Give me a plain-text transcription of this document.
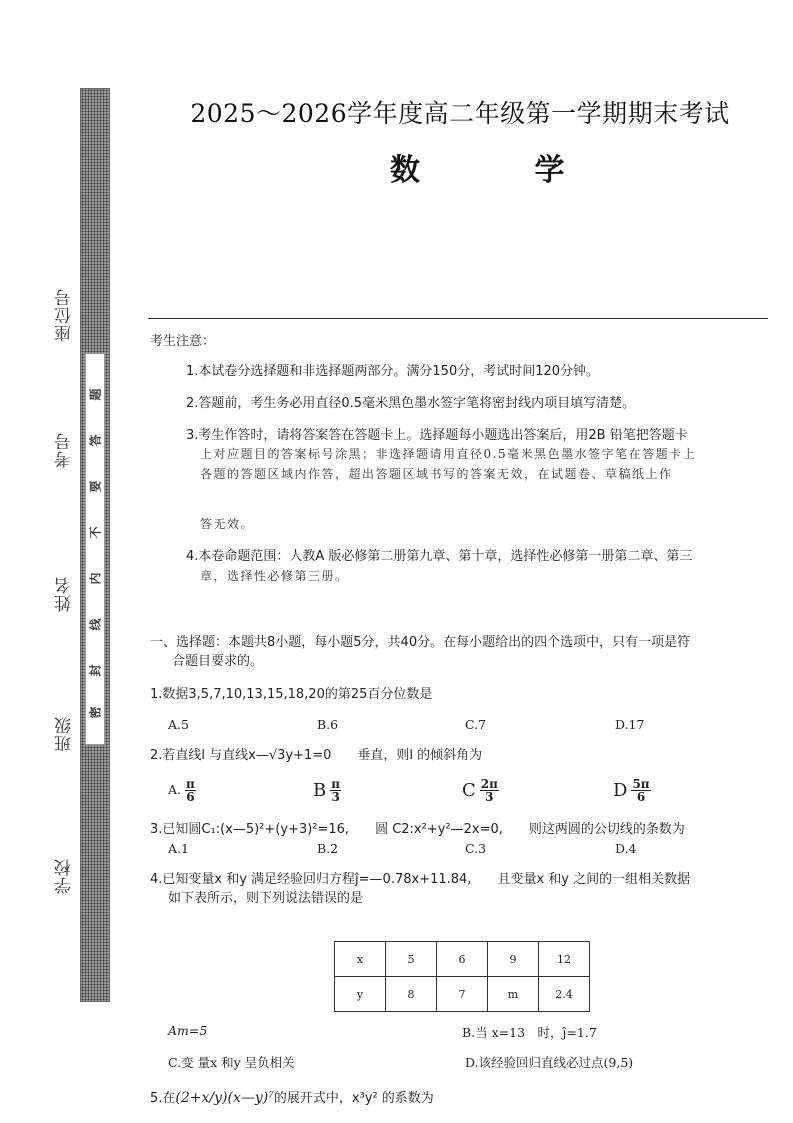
题
答
要
不
内
线
封
密
座位号
考号
姓名
班级
学校
2025～2026学年度高二年级第一学期期末考试
数 学
考生注意：
1.本试卷分选择题和非选择题两部分。满分150分，考试时间120分钟。
2.答题前，考生务必用直径0.5毫米黑色墨水签字笔将密封线内项目填写清楚。
3.考生作答时，请将答案答在答题卡上。选择题每小题选出答案后，用2B 铅笔把答题卡
上对应题目的答案标号涂黑；非选择题请用直径0.5毫米黑色墨水签字笔在答题卡上
各题的答题区域内作答，超出答题区域书写的答案无效，在试题卷、草稿纸上作
答无效。
4.本卷命题范围：人教A 版必修第二册第九章、第十章，选择性必修第一册第二章、第三
章，选择性必修第三册。
一、选择题：本题共8小题，每小题5分，共40分。在每小题给出的四个选项中，只有一项是符
合题目要求的。
1.数据3,5,7,10,13,15,18,20的第25百分位数是
A.5	B.6	C.7	D.17
2.若直线l 与直线x—√3y+1=0　　垂直，则l 的倾斜角为
A. $\frac{\pi}{6}$	B $\frac{\pi}{3}$	C $\frac{2\pi}{3}$	D $\frac{5\pi}{6}$
3.已知圆C₁:(x—5)²+(y+3)²=16,　　圆 C2:x²+y²—2x=0,　　则这两圆的公切线的条数为
A.1	B.2	C.3	D.4
4.已知变量x 和y 满足经验回归方程ĵ=—0.78x+11.84,　　且变量x 和y 之间的一组相关数据
如下表所示，则下列说法错误的是
x	5	6	9	12
y	8	7	m	2.4
Am=5	B.当 x=13　时，ĵ=1.7
C.变 量x 和y 呈负相关	D.该经验回归直线必过点(9,5)
5.在(2+x/y)(x—y)⁷的展开式中，x³y² 的系数为
